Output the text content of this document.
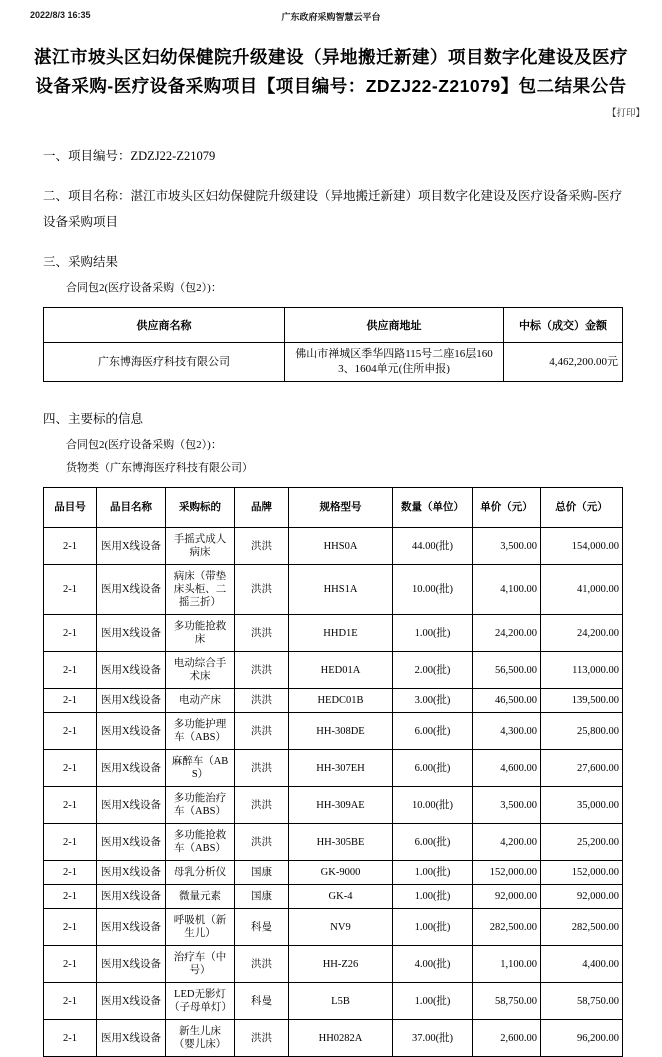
2022/8/3 16:35	广东政府采购智慧云平台
湛江市坡头区妇幼保健院升级建设（异地搬迁新建）项目数字化建设及医疗设备采购-医疗设备采购项目【项目编号：ZDZJ22-Z21079】包二结果公告
【打印】

一、项目编号：ZDZJ22-Z21079

二、项目名称：湛江市坡头区妇幼保健院升级建设（异地搬迁新建）项目数字化建设及医疗设备采购-医疗设备采购项目

三、采购结果

合同包2(医疗设备采购（包2）)：

供应商名称	供应商地址	中标（成交）金额
广东博海医疗科技有限公司	佛山市禅城区季华四路115号二座16层1603、1604单元(住所申报)	4,462,200.00元

四、主要标的信息

合同包2(医疗设备采购（包2）)：

货物类（广东博海医疗科技有限公司）

品目号	品目名称	采购标的	品牌	规格型号	数量（单位）	单价（元）	总价（元）
2-1	医用X线设备	手摇式成人病床	洪洪	HHS0A	44.00(批)	3,500.00	154,000.00
2-1	医用X线设备	病床（带垫床头柜、二摇三折）	洪洪	HHS1A	10.00(批)	4,100.00	41,000.00
2-1	医用X线设备	多功能抢救床	洪洪	HHD1E	1.00(批)	24,200.00	24,200.00
2-1	医用X线设备	电动综合手术床	洪洪	HED01A	2.00(批)	56,500.00	113,000.00
2-1	医用X线设备	电动产床	洪洪	HEDC01B	3.00(批)	46,500.00	139,500.00
2-1	医用X线设备	多功能护理车（ABS）	洪洪	HH-308DE	6.00(批)	4,300.00	25,800.00
2-1	医用X线设备	麻醉车（ABS）	洪洪	HH-307EH	6.00(批)	4,600.00	27,600.00
2-1	医用X线设备	多功能治疗车（ABS）	洪洪	HH-309AE	10.00(批)	3,500.00	35,000.00
2-1	医用X线设备	多功能抢救车（ABS）	洪洪	HH-305BE	6.00(批)	4,200.00	25,200.00
2-1	医用X线设备	母乳分析仪	国康	GK-9000	1.00(批)	152,000.00	152,000.00
2-1	医用X线设备	微量元素	国康	GK-4	1.00(批)	92,000.00	92,000.00
2-1	医用X线设备	呼吸机（新生儿）	科曼	NV9	1.00(批)	282,500.00	282,500.00
2-1	医用X线设备	治疗车（中号）	洪洪	HH-Z26	4.00(批)	1,100.00	4,400.00
2-1	医用X线设备	LED无影灯（子母单灯）	科曼	L5B	1.00(批)	58,750.00	58,750.00
2-1	医用X线设备	新生儿床（婴儿床）	洪洪	HH0282A	37.00(批)	2,600.00	96,200.00
